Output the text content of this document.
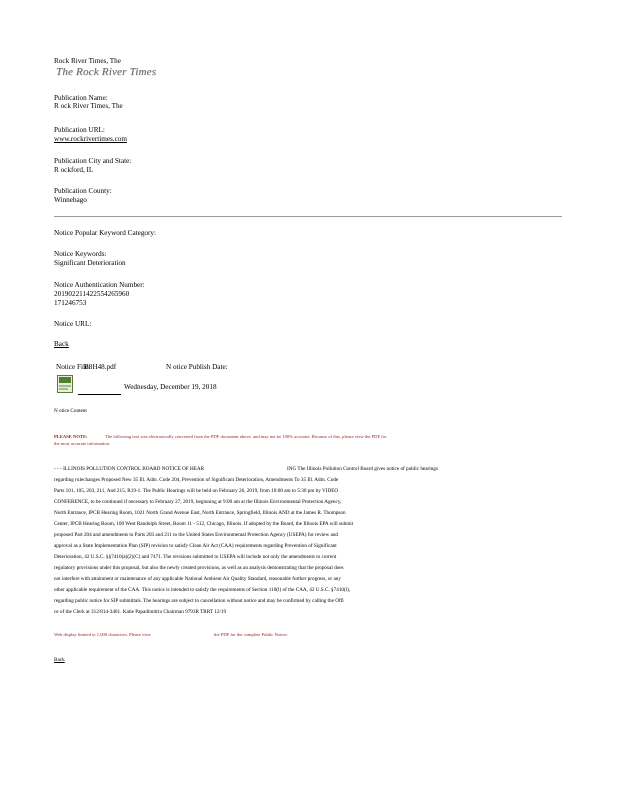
Rock River Times, The
The Rock River Times
Publication Name:
R ock River Times, The
Publication URL:
www.rockrivertimes.com
Publication City and State:
R ockford, IL
Publication County:
Winnebago
Notice Popular Keyword Category:
Notice Keywords:
Significant Deterioration
Notice Authentication Number:
201902211422554265960
171246753
Notice URL:
Back
Notice File:
B8H48.pdf	N otice Publish Date:
Wednesday, December 19, 2018
N otice Content
PLEASE NOTE:	The following text was electronically converted from the PDF document above, and may not be 100% accurate. Because of this, please view the PDF for
the most accurate information.
- - - ILLINOIS POLLUTION CONTROL BOARD NOTICE OF HEAR	ING The Illinois Pollution Control Board gives notice of public hearings
regarding rulechanges Proposed New 35 Ill. Adm. Code 204, Prevention of Significant Deterioration, Amendments To 35 Ill. Adm. Code
Parts 101, 105, 203, 211, And 215, R19-1. The Public Hearings will be held on February 26, 2019, from 10:00 am to 5:30 pm by VIDEO
CONFERENCE, to be continued if necessary to February 27, 2019, beginning at 9:00 am at the Illinois Environmental Protection Agency,
North Entrance, IPCB Hearing Room, 1021 North Grand Avenue East, North Entrance, Springfield, Illinois AND at the James R. Thompson
Center, IPCB Hearing Room, 100 West Randolph Street, Room 11 - 512, Chicago, Illinois. If adopted by the Board, the Illinois EPA will submit
proposed Part 204 and amendments to Parts 203 and 211 to the United States Environmental Protection Agency (USEPA) for review and
approval as a State Implementation Plan (SIP) revision to satisfy Clean Air Act (CAA) requirements regarding Prevention of Significant
Deterioration, 42 U.S.C. §§7410(a)(2)(C) and 7471. The revisions submitted to USEPA will include not only the amendments to current
regulatory provisions under this proposal, but also the newly created provisions, as well as an analysis demonstrating that the proposal does
not interfere with attainment or maintenance of any applicable National Ambient Air Quality Standard, reasonable further progress, or any
other applicable requirement of the CAA. This notice is intended to satisfy the requirements of Section 110(l) of the CAA, 42 U.S.C. §7410(l),
regarding public notice for SIP submittals. The hearings are subject to cancellation without notice and may be confirmed by calling the Offi
ce of the Clerk at 312/814-3461. Katie Papadimitriu Chairman 9793R TRRT 12/19
Web display limited to 1,000 characters. Please view	the PDF for the complete Public Notice.
Back
